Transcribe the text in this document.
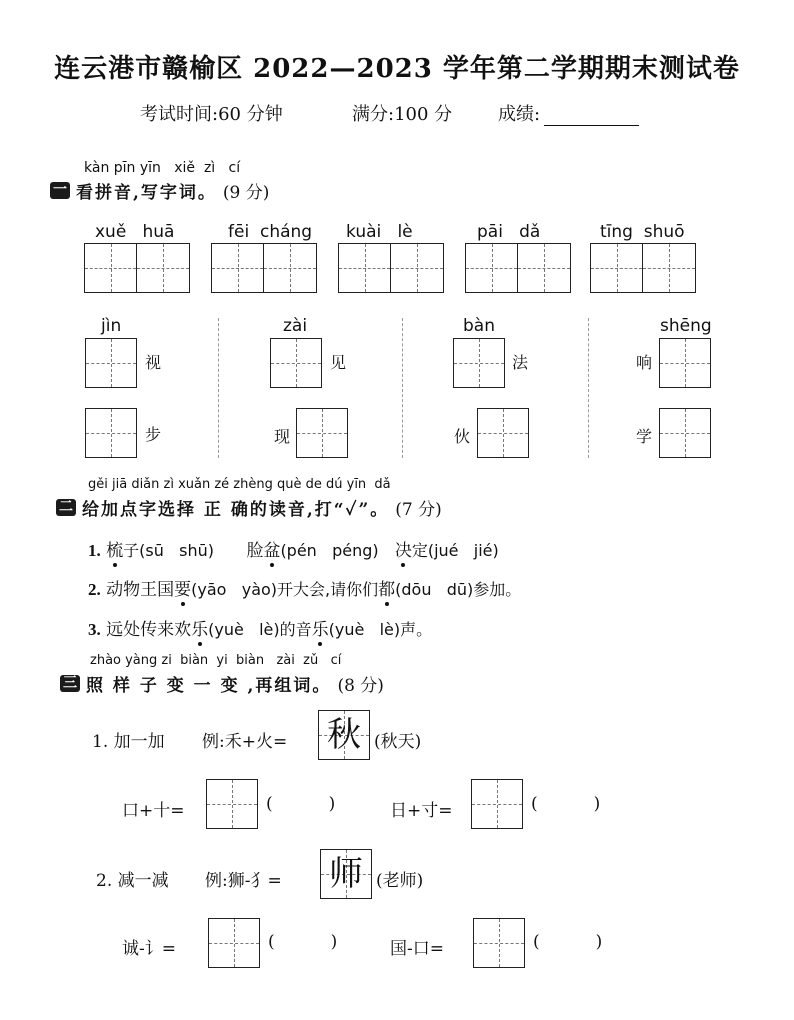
连云港市赣榆区 2022—2023 学年第二学期期末测试卷
考试时间:60 分钟	满分:100 分	成绩:
kàn pīn yīn   xiě  zì   cí
一 看拼音,写字词。 (9 分)
xuě   huā	fēi  cháng kuài   lè	pāi   dǎ	tīng  shuō
jìn	zài	bàn	shēng
视	见	法	响
步	现	伙	学
gěi jiā diǎn zì xuǎn zé zhèng què de dú yīn  dǎ
二 给加点字选择 正 确的读音,打“✓”。 (7 分)
1. 梳子(sū   shū) 脸盆(pén   péng) 决定(jué   jié)
2. 动物王国要(yāo   yào)开大会,请你们都(dōu   dū)参加。
3. 远处传来欢乐(yuè   lè)的音乐(yuè   lè)声。
zhào yàng zi  biàn  yi  biàn   zài  zǔ   cí
三 照 样 子 变 一 变 ,再组词。 (8 分)
1. 加一加 例:禾+火= 秋 (秋天)
口+十=	(	)	日+寸=	(	)
2. 减一减 例:狮-犭= 师 (老师)
诚-讠=	(	)	国-口=	(	)
